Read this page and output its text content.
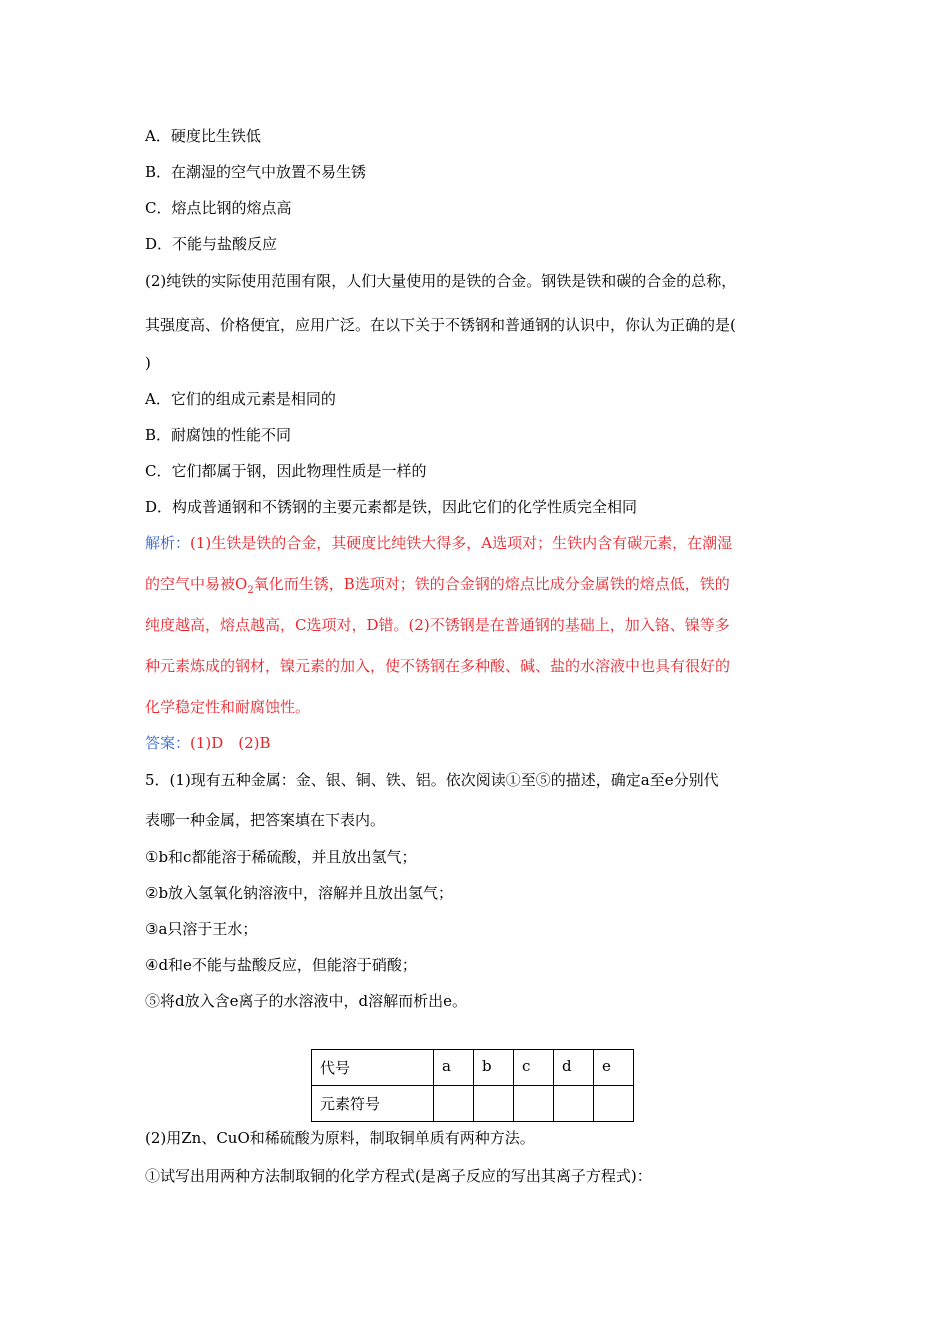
A．硬度比生铁低
B．在潮湿的空气中放置不易生锈
C．熔点比钢的熔点高
D．不能与盐酸反应
(2)纯铁的实际使用范围有限，人们大量使用的是铁的合金。钢铁是铁和碳的合金的总称，
其强度高、价格便宜，应用广泛。在以下关于不锈钢和普通钢的认识中，你认为正确的是(
)
A．它们的组成元素是相同的
B．耐腐蚀的性能不同
C．它们都属于钢，因此物理性质是一样的
D．构成普通钢和不锈钢的主要元素都是铁，因此它们的化学性质完全相同
解析：(1)生铁是铁的合金，其硬度比纯铁大得多，A选项对；生铁内含有碳元素，在潮湿
的空气中易被$O_2$氧化而生锈，B选项对；铁的合金钢的熔点比成分金属铁的熔点低，铁的
纯度越高，熔点越高，C选项对，D错。(2)不锈钢是在普通钢的基础上，加入铬、镍等多
种元素炼成的钢材，镍元素的加入，使不锈钢在多种酸、碱、盐的水溶液中也具有很好的
化学稳定性和耐腐蚀性。
答案：(1)D　(2)B
5．(1)现有五种金属：金、银、铜、铁、铝。依次阅读①至⑤的描述，确定a至e分别代
表哪一种金属，把答案填在下表内。
①b和c都能溶于稀硫酸，并且放出氢气；
②b放入氢氧化钠溶液中，溶解并且放出氢气；
③a只溶于王水；
④d和e不能与盐酸反应，但能溶于硝酸；
⑤将d放入含e离子的水溶液中，d溶解而析出e。
代号	a	b	c	d	e
元素符号					
(2)用Zn、CuO和稀硫酸为原料，制取铜单质有两种方法。
①试写出用两种方法制取铜的化学方程式(是离子反应的写出其离子方程式)：
